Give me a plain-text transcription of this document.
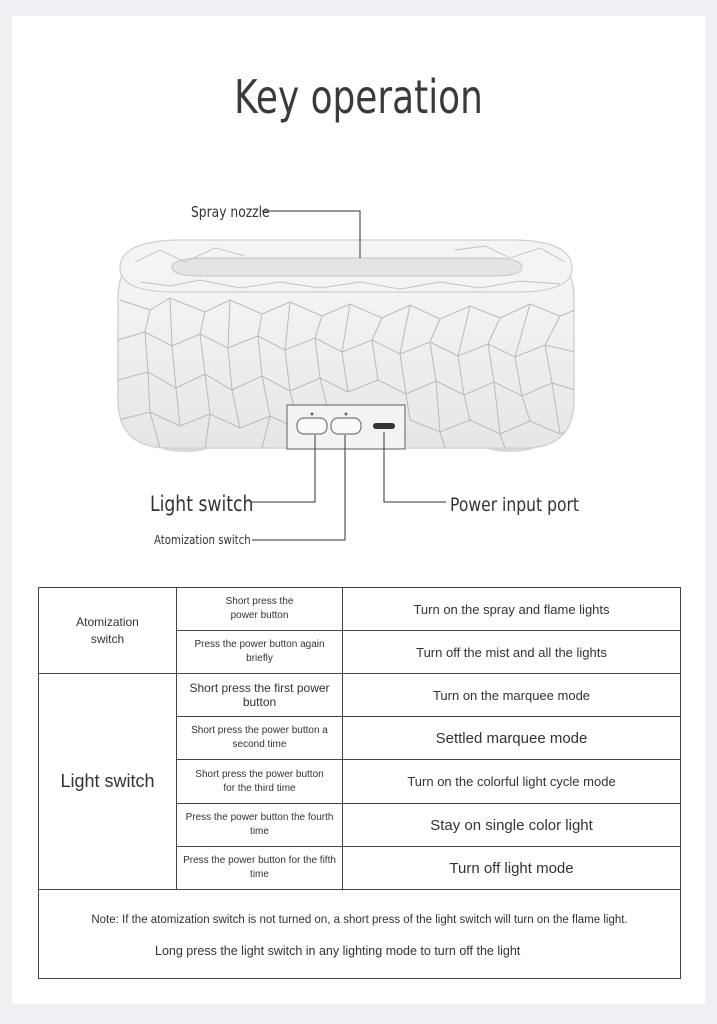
Key operation
Spray nozzle
Light switch	Power input port
Atomization switch
Atomization switch	Short press the power button	Turn on the spray and flame lights
	Press the power button again briefly	Turn off the mist and all the lights
Light switch	Short press the first power button	Turn on the marquee mode
	Short press the power button a second time	Settled marquee mode
	Short press the power button for the third time	Turn on the colorful light cycle mode
	Press the power button the fourth time	Stay on single color light
	Press the power button for the fifth time	Turn off light mode

Note: If the atomization switch is not turned on, a short press of the light switch will turn on the flame light.
Long press the light switch in any lighting mode to turn off the light		
